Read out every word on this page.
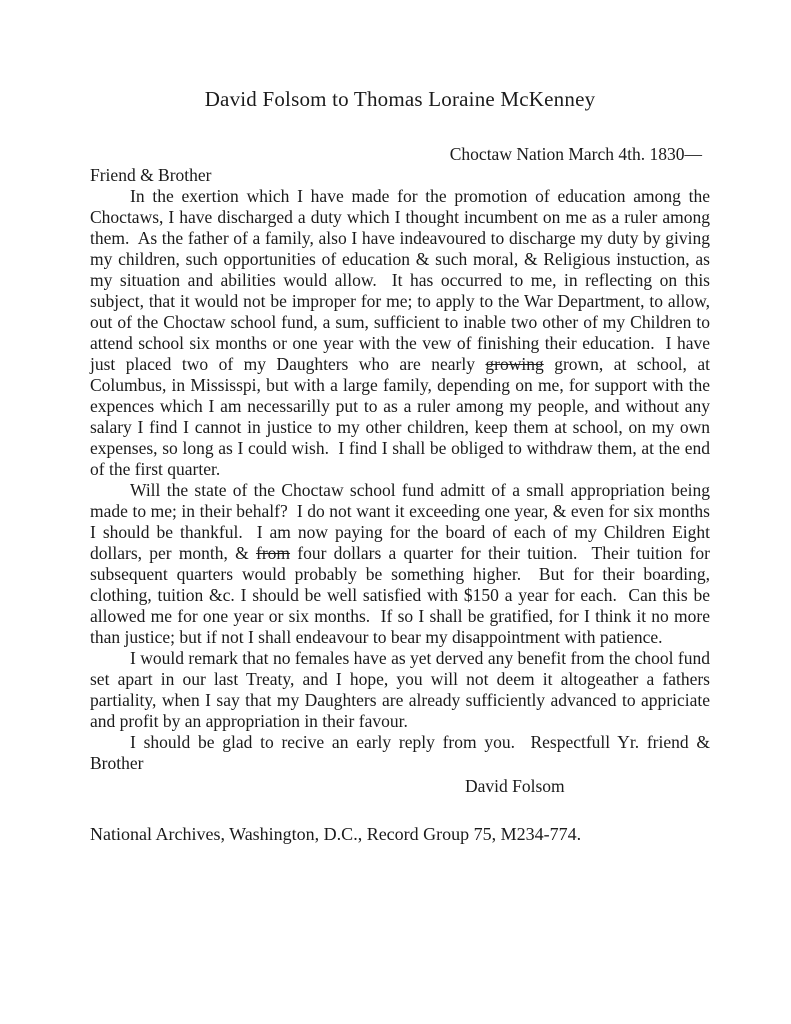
David Folsom to Thomas Loraine McKenney
Choctaw Nation March 4th. 1830—
Friend & Brother

In the exertion which I have made for the promotion of education among the Choctaws, I have discharged a duty which I thought incumbent on me as a ruler among them.  As the father of a family, also I have indeavoured to discharge my duty by giving my children, such opportunities of education & such moral, & Religious instuction, as my situation and abilities would allow.  It has occurred to me, in reflecting on this subject, that it would not be improper for me; to apply to the War Department, to allow, out of the Choctaw school fund, a sum, sufficient to inable two other of my Children to attend school six months or one year with the vew of finishing their education.  I have just placed two of my Daughters who are nearly growing grown, at school, at Columbus, in Mississpi, but with a large family, depending on me, for support with the expences which I am necessarilly put to as a ruler among my people, and without any salary I find I cannot in justice to my other children, keep them at school, on my own expenses, so long as I could wish.  I find I shall be obliged to withdraw them, at the end of the first quarter.

Will the state of the Choctaw school fund admitt of a small appropriation being made to me; in their behalf?  I do not want it exceeding one year, & even for six months I should be thankful.  I am now paying for the board of each of my Children Eight dollars, per month, & from four dollars a quarter for their tuition.  Their tuition for subsequent quarters would probably be something higher.  But for their boarding, clothing, tuition &c. I should be well satisfied with $150 a year for each.  Can this be allowed me for one year or six months.  If so I shall be gratified, for I think it no more than justice; but if not I shall endeavour to bear my disappointment with patience.

I would remark that no females have as yet derved any benefit from the chool fund set apart in our last Treaty, and I hope, you will not deem it altogeather a fathers partiality, when I say that my Daughters are already sufficiently advanced to appriciate and profit by an appropriation in their favour.

I should be glad to recive an early reply from you.  Respectfull Yr. friend & Brother

David Folsom
National Archives, Washington, D.C., Record Group 75, M234-774.
